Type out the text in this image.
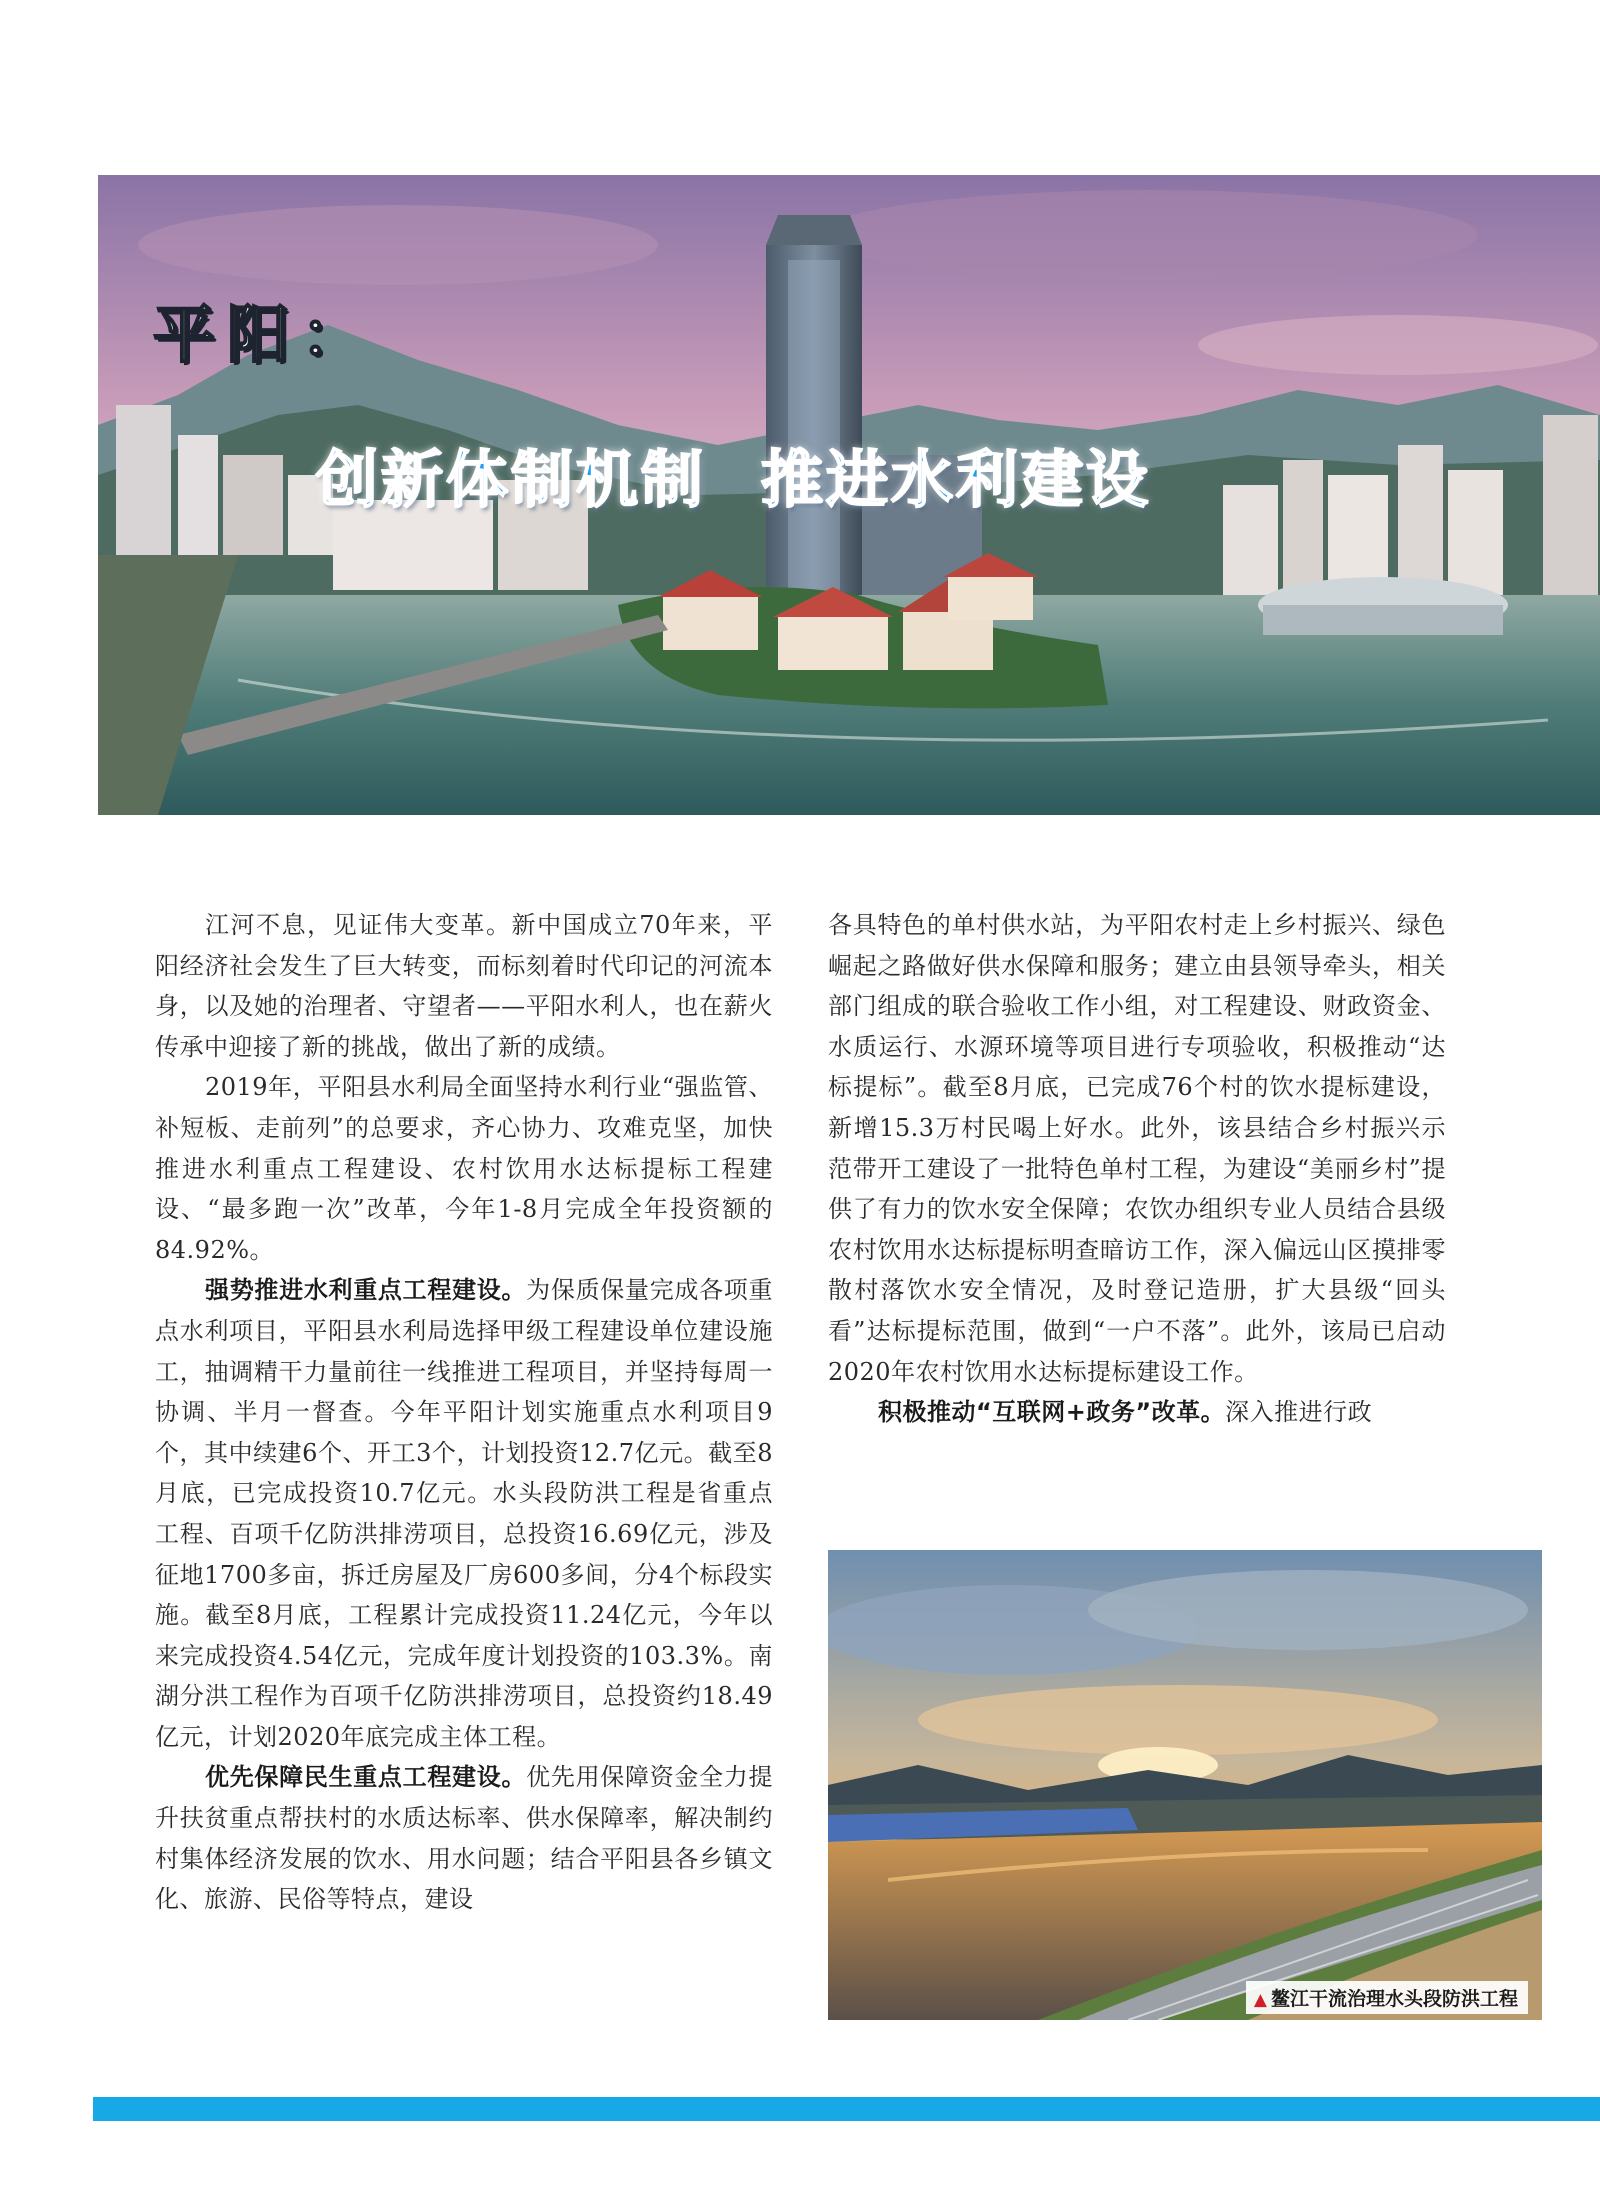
平阳：
创新体制机制 推进水利建设

江河不息，见证伟大变革。新中国成立70年来，平阳经济社会发生了巨大转变，而标刻着时代印记的河流本身，以及她的治理者、守望者——平阳水利人，也在薪火传承中迎接了新的挑战，做出了新的成绩。

2019年，平阳县水利局全面坚持水利行业“强监管、补短板、走前列”的总要求，齐心协力、攻难克坚，加快推进水利重点工程建设、农村饮用水达标提标工程建设、“最多跑一次”改革，今年1-8月完成全年投资额的84.92%。

强势推进水利重点工程建设。为保质保量完成各项重点水利项目，平阳县水利局选择甲级工程建设单位建设施工，抽调精干力量前往一线推进工程项目，并坚持每周一协调、半月一督查。今年平阳计划实施重点水利项目9个，其中续建6个、开工3个，计划投资12.7亿元。截至8月底，已完成投资10.7亿元。水头段防洪工程是省重点工程、百项千亿防洪排涝项目，总投资16.69亿元，涉及征地1700多亩，拆迁房屋及厂房600多间，分4个标段实施。截至8月底，工程累计完成投资11.24亿元，今年以来完成投资4.54亿元，完成年度计划投资的103.3%。南湖分洪工程作为百项千亿防洪排涝项目，总投资约18.49亿元，计划2020年底完成主体工程。

优先保障民生重点工程建设。优先用保障资金全力提升扶贫重点帮扶村的水质达标率、供水保障率，解决制约村集体经济发展的饮水、用水问题；结合平阳县各乡镇文化、旅游、民俗等特点，建设

各具特色的单村供水站，为平阳农村走上乡村振兴、绿色崛起之路做好供水保障和服务；建立由县领导牵头，相关部门组成的联合验收工作小组，对工程建设、财政资金、水质运行、水源环境等项目进行专项验收，积极推动“达标提标”。截至8月底，已完成76个村的饮水提标建设，新增15.3万村民喝上好水。此外，该县结合乡村振兴示范带开工建设了一批特色单村工程，为建设“美丽乡村”提供了有力的饮水安全保障；农饮办组织专业人员结合县级农村饮用水达标提标明查暗访工作，深入偏远山区摸排零散村落饮水安全情况，及时登记造册，扩大县级“回头看”达标提标范围，做到“一户不落”。此外，该局已启动2020年农村饮用水达标提标建设工作。

积极推动“互联网+政务”改革。深入推进行政

▲ 鳌江干流治理水头段防洪工程
